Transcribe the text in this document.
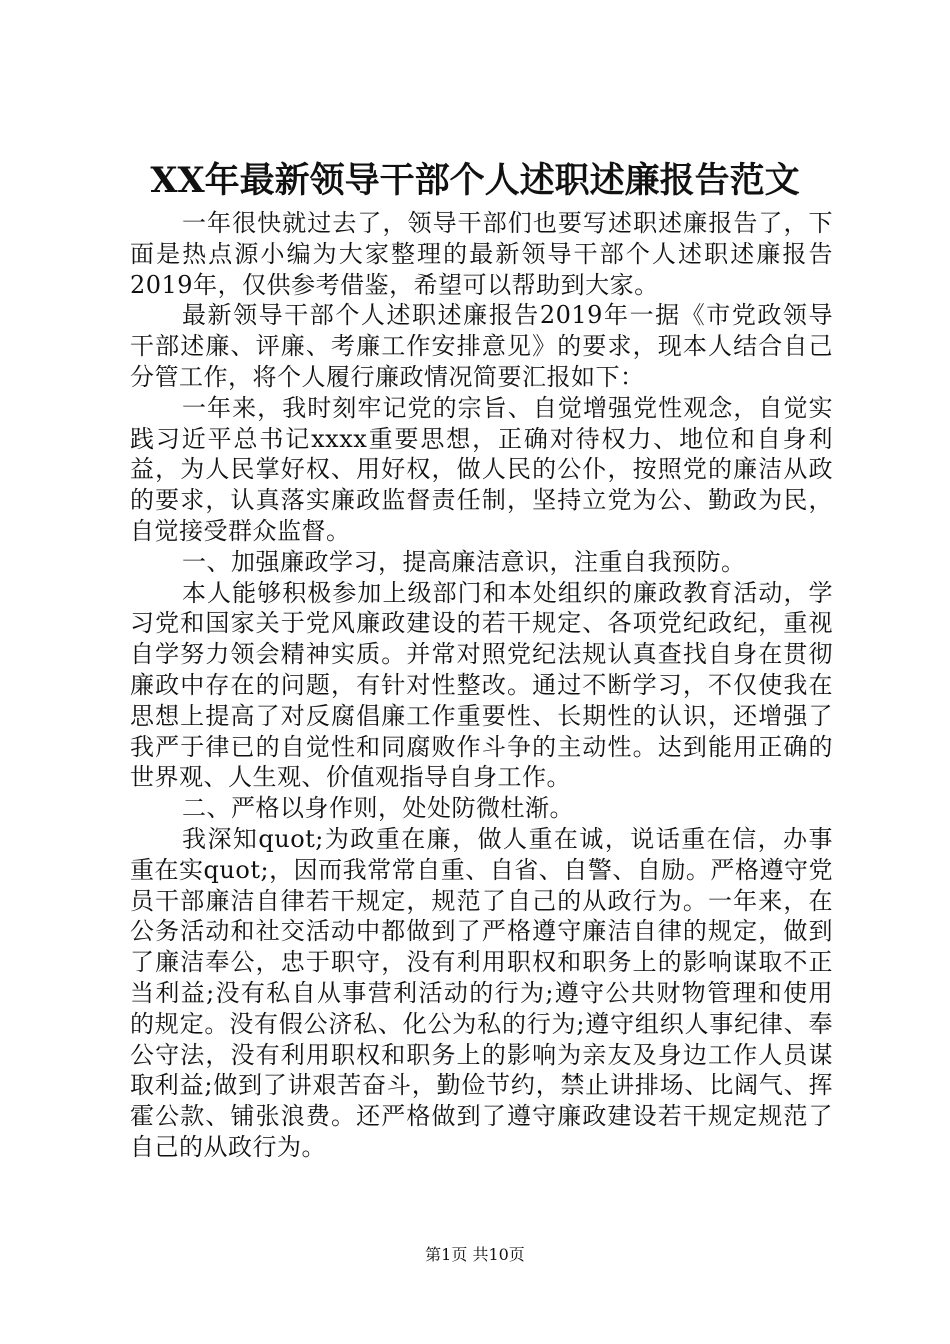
XX年最新领导干部个人述职述廉报告范文

一年很快就过去了，领导干部们也要写述职述廉报告了，下面是热点源小编为大家整理的最新领导干部个人述职述廉报告2019年，仅供参考借鉴，希望可以帮助到大家。

最新领导干部个人述职述廉报告2019年一据《市党政领导干部述廉、评廉、考廉工作安排意见》的要求，现本人结合自己分管工作，将个人履行廉政情况简要汇报如下：

一年来，我时刻牢记党的宗旨、自觉增强党性观念，自觉实践习近平总书记xxxx重要思想，正确对待权力、地位和自身利益，为人民掌好权、用好权，做人民的公仆，按照党的廉洁从政的要求，认真落实廉政监督责任制，坚持立党为公、勤政为民，自觉接受群众监督。

一、加强廉政学习，提高廉洁意识，注重自我预防。

本人能够积极参加上级部门和本处组织的廉政教育活动，学习党和国家关于党风廉政建设的若干规定、各项党纪政纪，重视自学努力领会精神实质。并常对照党纪法规认真查找自身在贯彻廉政中存在的问题，有针对性整改。通过不断学习，不仅使我在思想上提高了对反腐倡廉工作重要性、长期性的认识，还增强了我严于律已的自觉性和同腐败作斗争的主动性。达到能用正确的世界观、人生观、价值观指导自身工作。

二、严格以身作则，处处防微杜渐。

我深知quot;为政重在廉，做人重在诚，说话重在信，办事重在实quot;，因而我常常自重、自省、自警、自励。严格遵守党员干部廉洁自律若干规定，规范了自己的从政行为。一年来，在公务活动和社交活动中都做到了严格遵守廉洁自律的规定，做到了廉洁奉公，忠于职守，没有利用职权和职务上的影响谋取不正当利益;没有私自从事营利活动的行为;遵守公共财物管理和使用的规定。没有假公济私、化公为私的行为;遵守组织人事纪律、奉公守法，没有利用职权和职务上的影响为亲友及身边工作人员谋取利益;做到了讲艰苦奋斗，勤俭节约，禁止讲排场、比阔气、挥霍公款、铺张浪费。还严格做到了遵守廉政建设若干规定规范了自己的从政行为。

第1页 共10页
